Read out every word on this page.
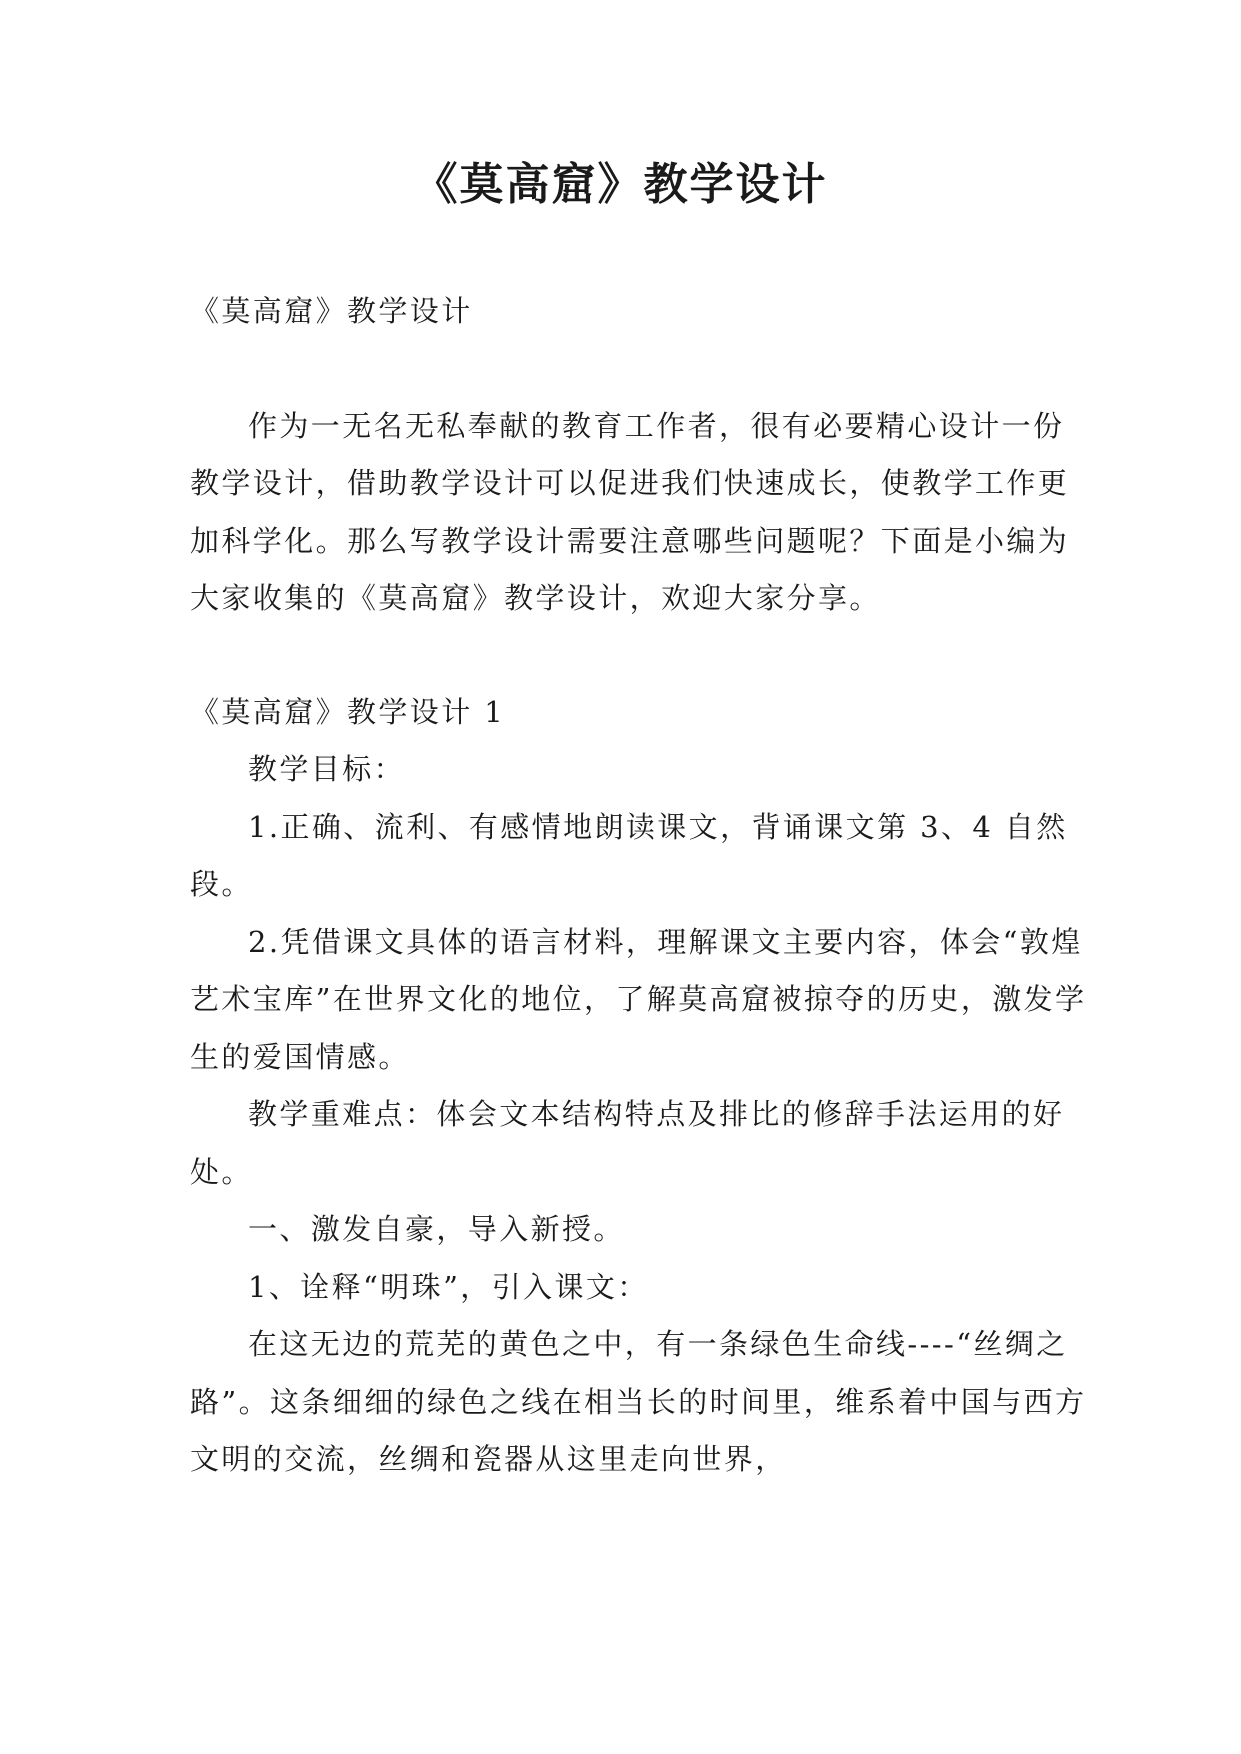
《莫高窟》教学设计

《莫高窟》教学设计

作为一无名无私奉献的教育工作者，很有必要精心设计一份教学设计，借助教学设计可以促进我们快速成长，使教学工作更加科学化。那么写教学设计需要注意哪些问题呢？下面是小编为大家收集的《莫高窟》教学设计，欢迎大家分享。

《莫高窟》教学设计 1

教学目标：

1.正确、流利、有感情地朗读课文，背诵课文第 3、4 自然段。

2.凭借课文具体的语言材料，理解课文主要内容，体会“敦煌艺术宝库”在世界文化的地位，了解莫高窟被掠夺的历史，激发学生的爱国情感。

教学重难点：体会文本结构特点及排比的修辞手法运用的好处。

一、激发自豪，导入新授。

1、诠释“明珠”，引入课文：

在这无边的荒芜的黄色之中，有一条绿色生命线----“丝绸之路”。这条细细的绿色之线在相当长的时间里，维系着中国与西方文明的交流，丝绸和瓷器从这里走向世界，
